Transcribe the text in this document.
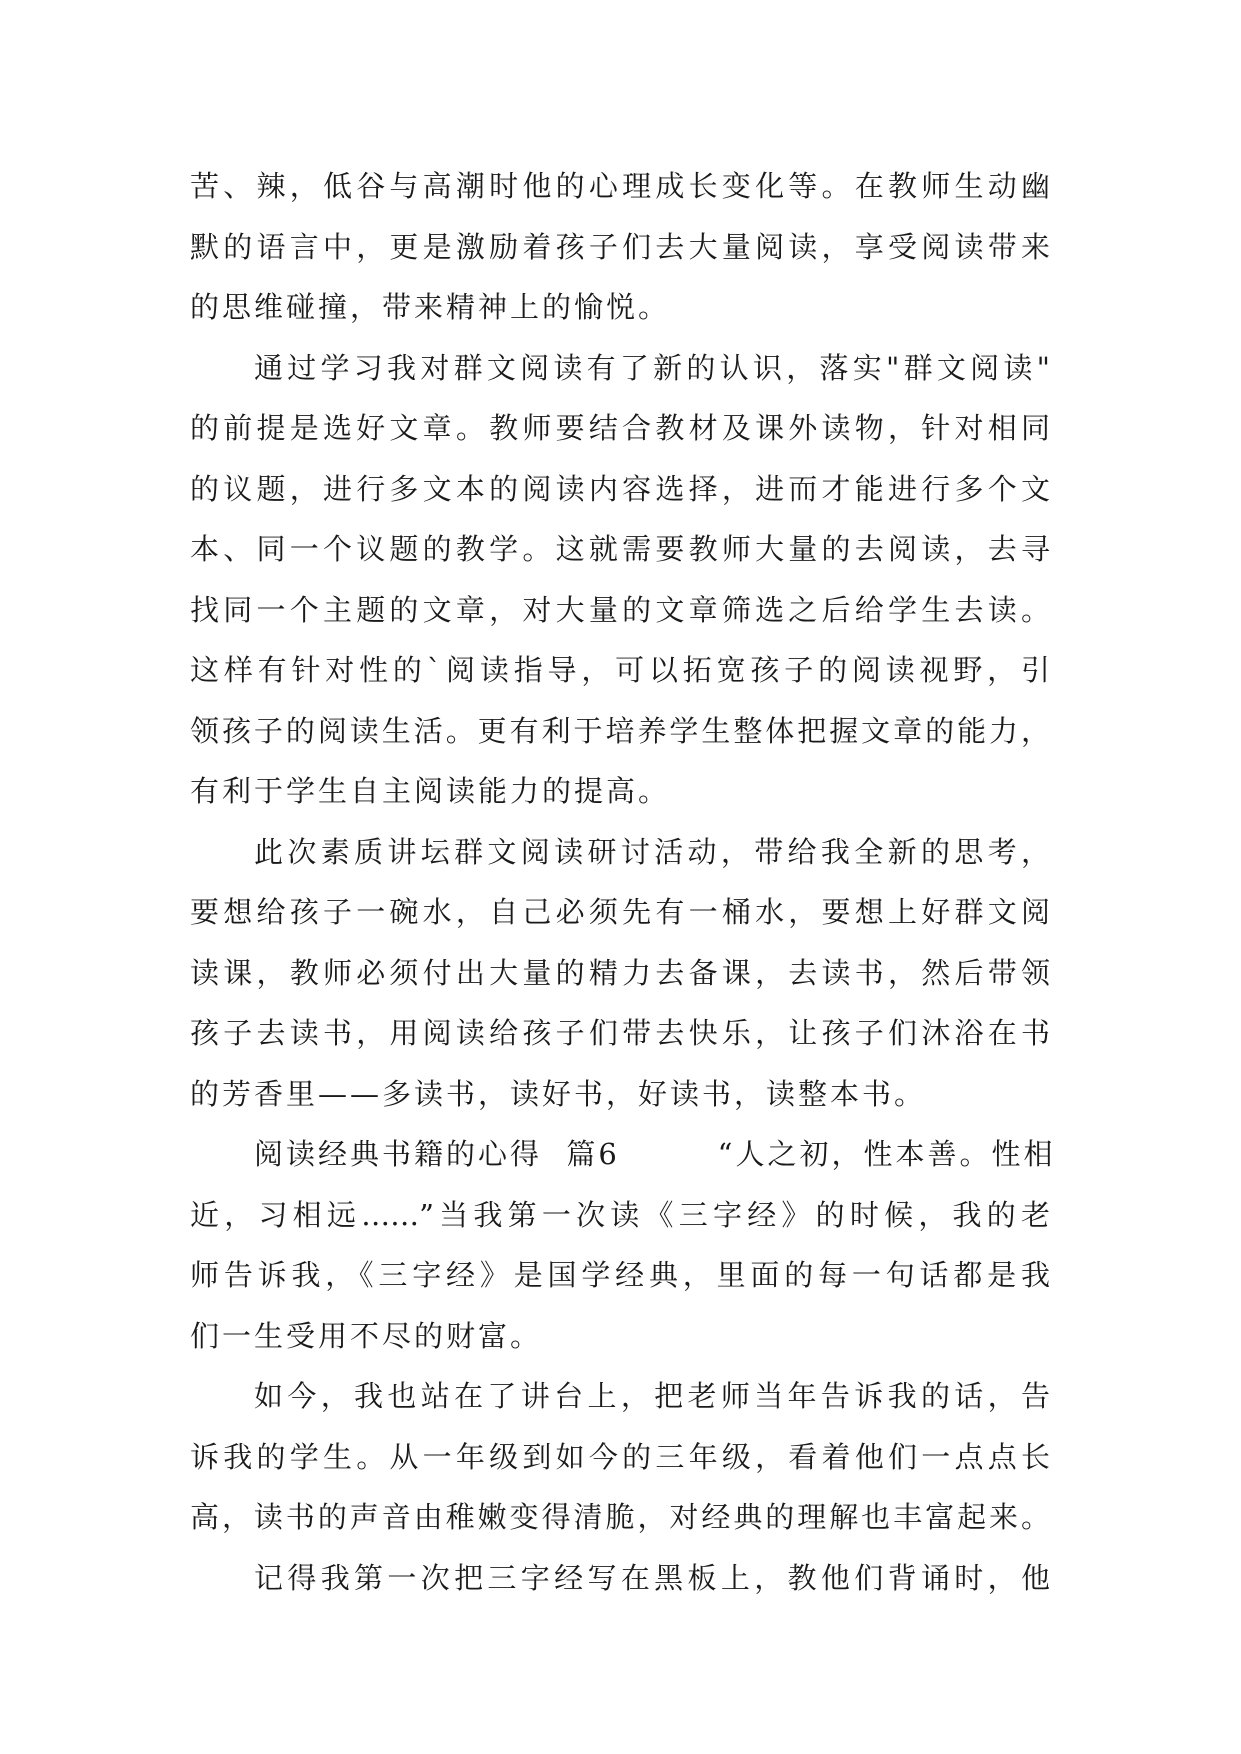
苦、辣，低谷与高潮时他的心理成长变化等。在教师生动幽
默的语言中，更是激励着孩子们去大量阅读，享受阅读带来
的思维碰撞，带来精神上的愉悦。
通过学习我对群文阅读有了新的认识，落实"群文阅读"
的前提是选好文章。教师要结合教材及课外读物，针对相同
的议题，进行多文本的阅读内容选择，进而才能进行多个文
本、同一个议题的教学。这就需要教师大量的去阅读，去寻
找同一个主题的文章，对大量的文章筛选之后给学生去读。
这样有针对性的`阅读指导，可以拓宽孩子的阅读视野，引
领孩子的阅读生活。更有利于培养学生整体把握文章的能力，
有利于学生自主阅读能力的提高。
此次素质讲坛群文阅读研讨活动，带给我全新的思考，
要想给孩子一碗水，自己必须先有一桶水，要想上好群文阅
读课，教师必须付出大量的精力去备课，去读书，然后带领
孩子去读书，用阅读给孩子们带去快乐，让孩子们沐浴在书
的芳香里——多读书，读好书，好读书，读整本书。
阅读经典书籍的心得  篇6        “人之初，性本善。性相
近，习相远……”当我第一次读《三字经》的时候，我的老
师告诉我，《三字经》是国学经典，里面的每一句话都是我
们一生受用不尽的财富。
如今，我也站在了讲台上，把老师当年告诉我的话，告
诉我的学生。从一年级到如今的三年级，看着他们一点点长
高，读书的声音由稚嫩变得清脆，对经典的理解也丰富起来。
记得我第一次把三字经写在黑板上，教他们背诵时，他
